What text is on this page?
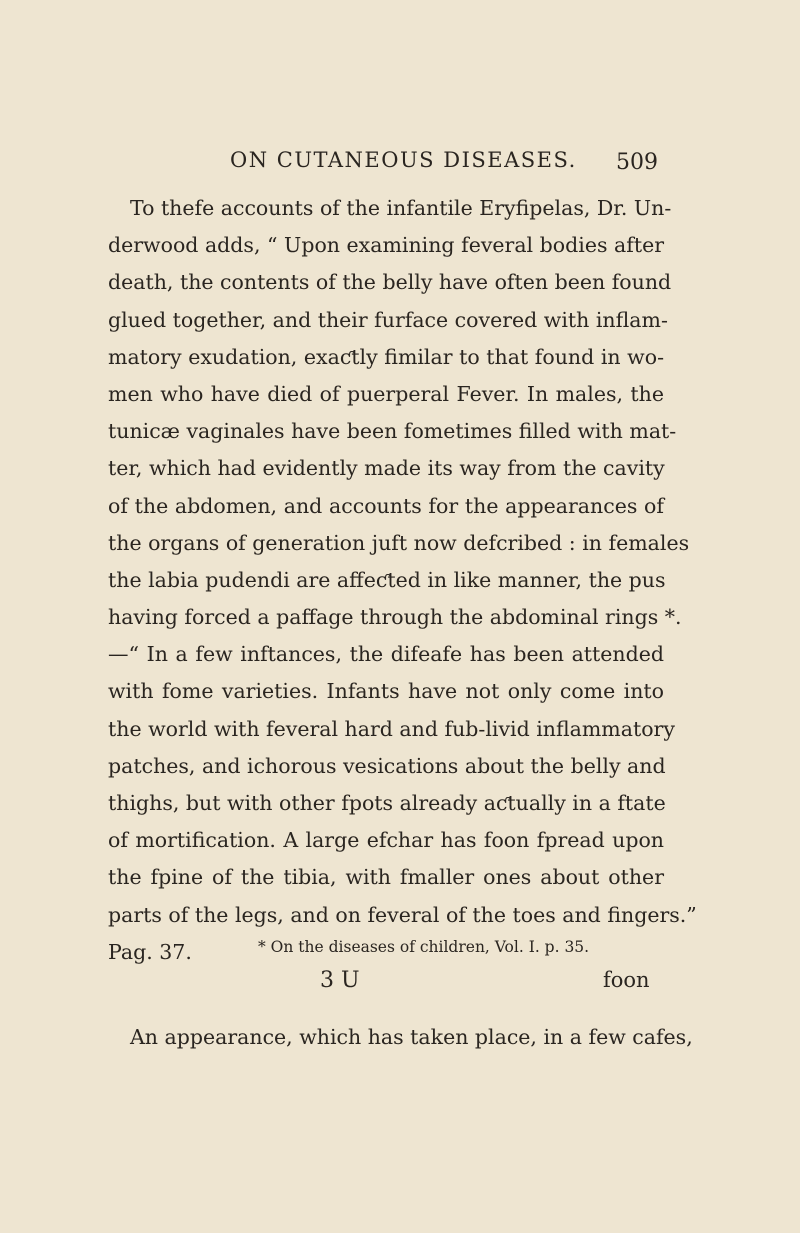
ON CUTANEOUS DISEASES. 509
To thefe accounts of the infantile Eryfipelas, Dr. Un-
derwood adds, “ Upon examining feveral bodies after
death, the contents of the belly have often been found
glued together, and their furface covered with inflam-
matory exudation, exaƈtly fimilar to that found in wo-
men who have died of puerperal Fever. In males, the
tunicæ vaginales have been fometimes filled with mat-
ter, which had evidently made its way from the cavity
of the abdomen, and accounts for the appearances of
the organs of generation juft now defcribed : in females
the labia pudendi are affeƈted in like manner, the pus
having forced a paffage through the abdominal rings *.
—“ In a few inftances, the difeafe has been attended
with fome varieties. Infants have not only come into
the world with feveral hard and fub-livid inflammatory
patches, and ichorous vesications about the belly and
thighs, but with other fpots already aƈtually in a ftate
of mortification. A large efchar has foon fpread upon
the fpine of the tibia, with fmaller ones about other
parts of the legs, and on feveral of the toes and fingers.”
Pag. 37.
An appearance, which has taken place, in a few cafes,
* On the diseases of children, Vol. I. p. 35.
3 U	foon
